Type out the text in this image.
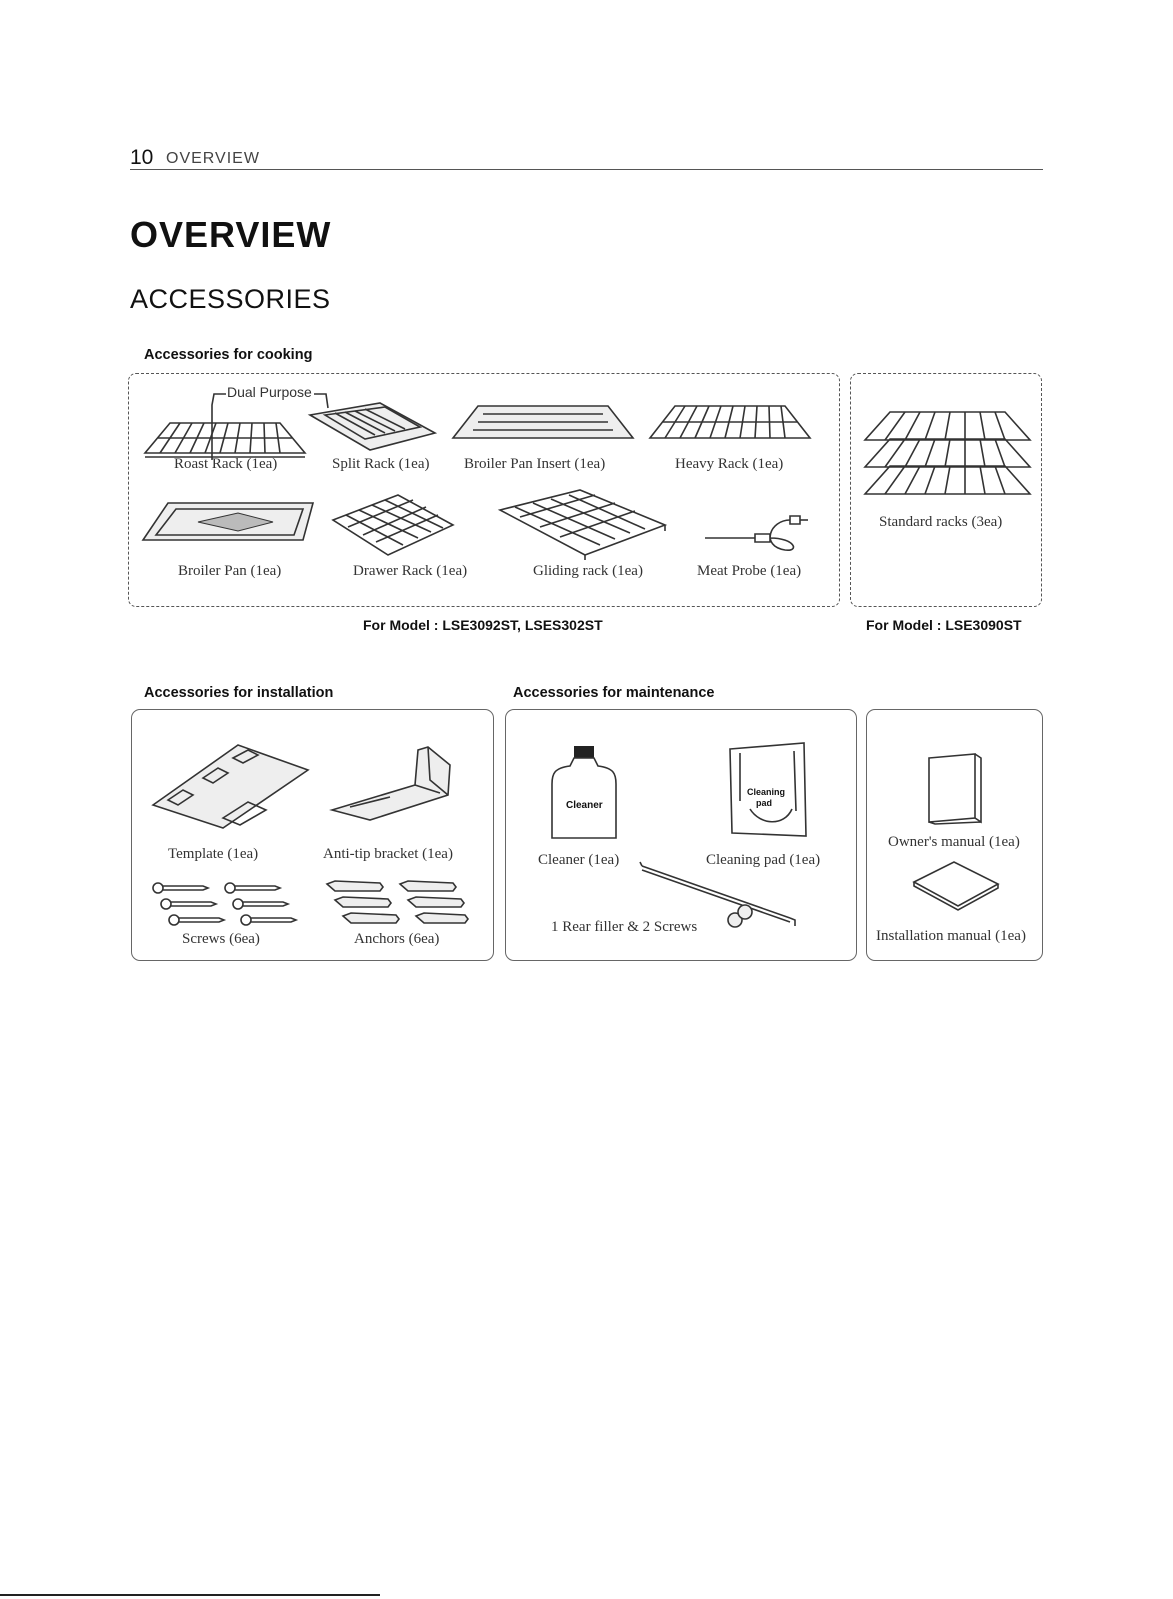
10 OVERVIEW
OVERVIEW
ACCESSORIES
Accessories for cooking
Dual Purpose
Roast Rack (1ea)	Split Rack (1ea) Broiler Pan Insert (1ea)	Heavy Rack (1ea)
Broiler Pan (1ea)	Drawer Rack (1ea)	Gliding rack (1ea)	Meat Probe (1ea)
Standard racks (3ea)
For Model : LSE3092ST, LSES302ST	For Model : LSE3090ST
Accessories for installation
Template (1ea)	Anti-tip bracket (1ea)
Screws (6ea)	Anchors (6ea)
Accessories for maintenance
Cleaner
Cleaner (1ea)
Cleaning
pad
Cleaning pad (1ea)
1 Rear filler & 2 Screws
Owner's manual (1ea)
Installation manual (1ea)
